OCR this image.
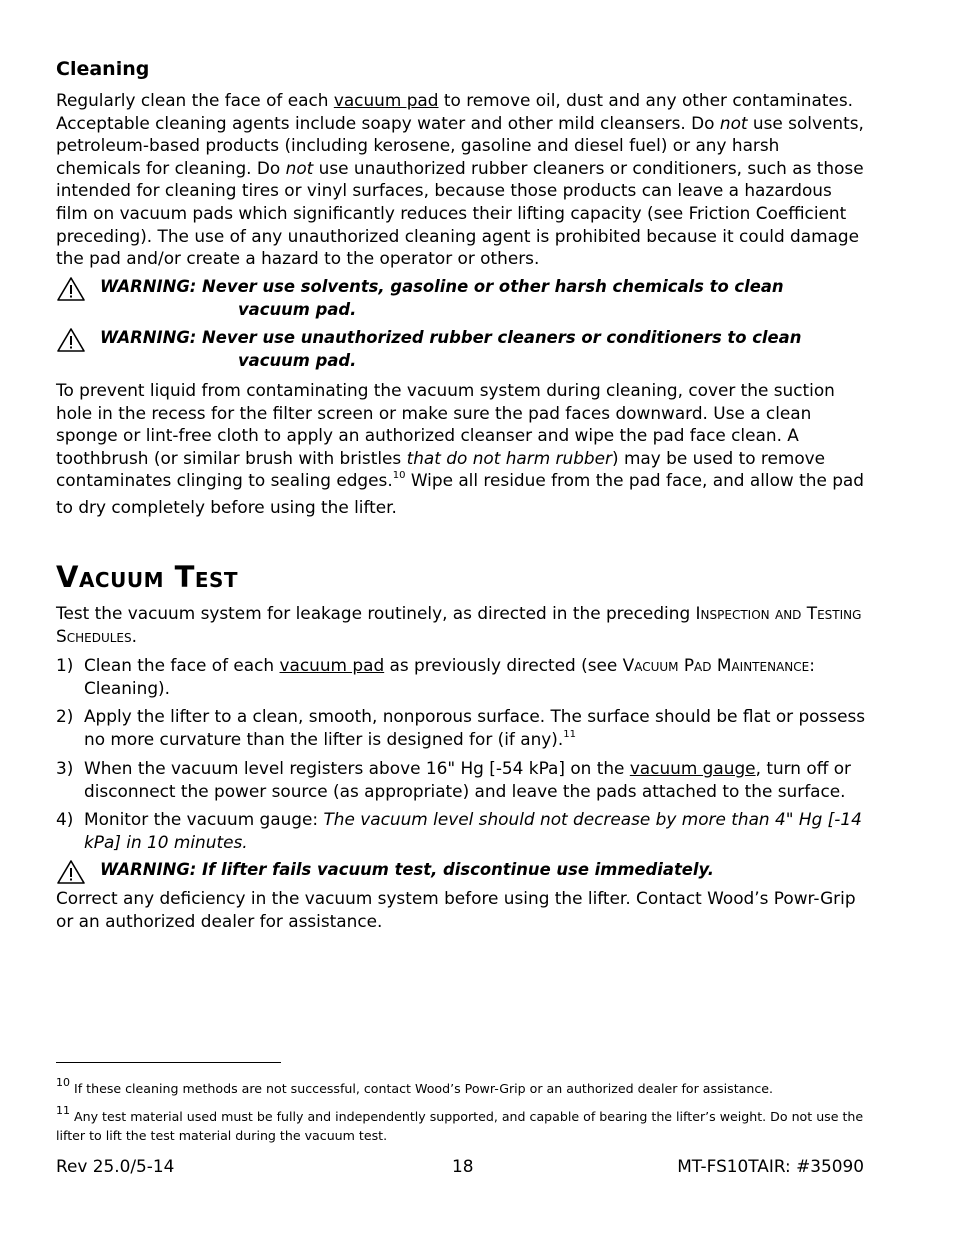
Cleaning

Regularly clean the face of each vacuum pad to remove oil, dust and any other contaminates. Acceptable cleaning agents include soapy water and other mild cleansers. Do not use solvents, petroleum-based products (including kerosene, gasoline and diesel fuel) or any harsh chemicals for cleaning. Do not use unauthorized rubber cleaners or conditioners, such as those intended for cleaning tires or vinyl surfaces, because those products can leave a hazardous film on vacuum pads which significantly reduces their lifting capacity (see Friction Coefficient preceding). The use of any unauthorized cleaning agent is prohibited because it could damage the pad and/or create a hazard to the operator or others.

WARNING: Never use solvents, gasoline or other harsh chemicals to clean
vacuum pad.
WARNING: Never use unauthorized rubber cleaners or conditioners to clean
vacuum pad.

To prevent liquid from contaminating the vacuum system during cleaning, cover the suction hole in the recess for the filter screen or make sure the pad faces downward. Use a clean sponge or lint-free cloth to apply an authorized cleanser and wipe the pad face clean. A toothbrush (or similar brush with bristles that do not harm rubber) may be used to remove contaminates clinging to sealing edges.$^{10}$ Wipe all residue from the pad face, and allow the pad to dry completely before using the lifter.

Vacuum Test

Test the vacuum system for leakage routinely, as directed in the preceding Inspection and Testing Schedules.

1) Clean the face of each vacuum pad as previously directed (see Vacuum Pad Maintenance: Cleaning).
2) Apply the lifter to a clean, smooth, nonporous surface. The surface should be flat or possess no more curvature than the lifter is designed for (if any).$^{11}$
3) When the vacuum level registers above 16" Hg [-54 kPa] on the vacuum gauge, turn off or disconnect the power source (as appropriate) and leave the pads attached to the surface.
4) Monitor the vacuum gauge: The vacuum level should not decrease by more than 4" Hg [-14 kPa] in 10 minutes.
WARNING: If lifter fails vacuum test, discontinue use immediately.

Correct any deficiency in the vacuum system before using the lifter. Contact Wood’s Powr-Grip or an authorized dealer for assistance.

$^{10}$ If these cleaning methods are not successful, contact Wood’s Powr-Grip or an authorized dealer for assistance.
$^{11}$ Any test material used must be fully and independently supported, and capable of bearing the lifter’s weight. Do not use the lifter to lift the test material during the vacuum test.
Rev 25.0/5-14	18	MT-FS10TAIR: #35090
